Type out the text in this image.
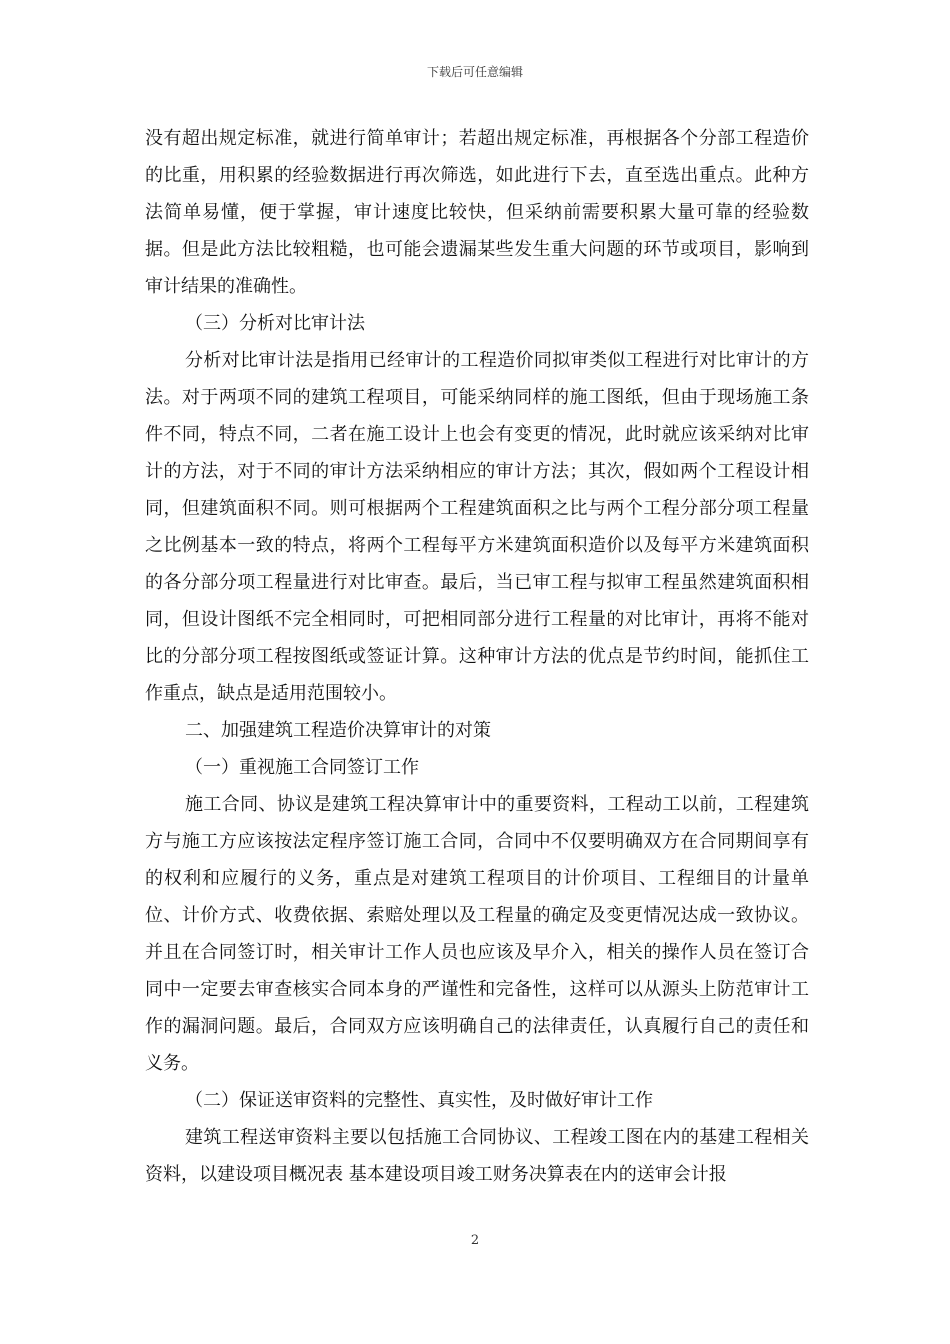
下载后可任意编辑

没有超出规定标准，就进行简单审计；若超出规定标准，再根据各个分部工程造价的比重，用积累的经验数据进行再次筛选，如此进行下去，直至选出重点。此种方法简单易懂，便于掌握，审计速度比较快，但采纳前需要积累大量可靠的经验数据。但是此方法比较粗糙，也可能会遗漏某些发生重大问题的环节或项目，影响到审计结果的准确性。

（三）分析对比审计法

分析对比审计法是指用已经审计的工程造价同拟审类似工程进行对比审计的方法。对于两项不同的建筑工程项目，可能采纳同样的施工图纸，但由于现场施工条件不同，特点不同，二者在施工设计上也会有变更的情况，此时就应该采纳对比审计的方法，对于不同的审计方法采纳相应的审计方法；其次，假如两个工程设计相同，但建筑面积不同。则可根据两个工程建筑面积之比与两个工程分部分项工程量之比例基本一致的特点，将两个工程每平方米建筑面积造价以及每平方米建筑面积的各分部分项工程量进行对比审查。最后，当已审工程与拟审工程虽然建筑面积相同，但设计图纸不完全相同时，可把相同部分进行工程量的对比审计，再将不能对比的分部分项工程按图纸或签证计算。这种审计方法的优点是节约时间，能抓住工作重点，缺点是适用范围较小。

二、加强建筑工程造价决算审计的对策

（一）重视施工合同签订工作

施工合同、协议是建筑工程决算审计中的重要资料，工程动工以前，工程建筑方与施工方应该按法定程序签订施工合同，合同中不仅要明确双方在合同期间享有的权利和应履行的义务，重点是对建筑工程项目的计价项目、工程细目的计量单位、计价方式、收费依据、索赔处理以及工程量的确定及变更情况达成一致协议。并且在合同签订时，相关审计工作人员也应该及早介入，相关的操作人员在签订合同中一定要去审查核实合同本身的严谨性和完备性，这样可以从源头上防范审计工作的漏洞问题。最后，合同双方应该明确自己的法律责任，认真履行自己的责任和义务。

（二）保证送审资料的完整性、真实性，及时做好审计工作

建筑工程送审资料主要以包括施工合同协议、工程竣工图在内的基建工程相关资料，以建设项目概况表 基本建设项目竣工财务决算表在内的送审会计报

2
